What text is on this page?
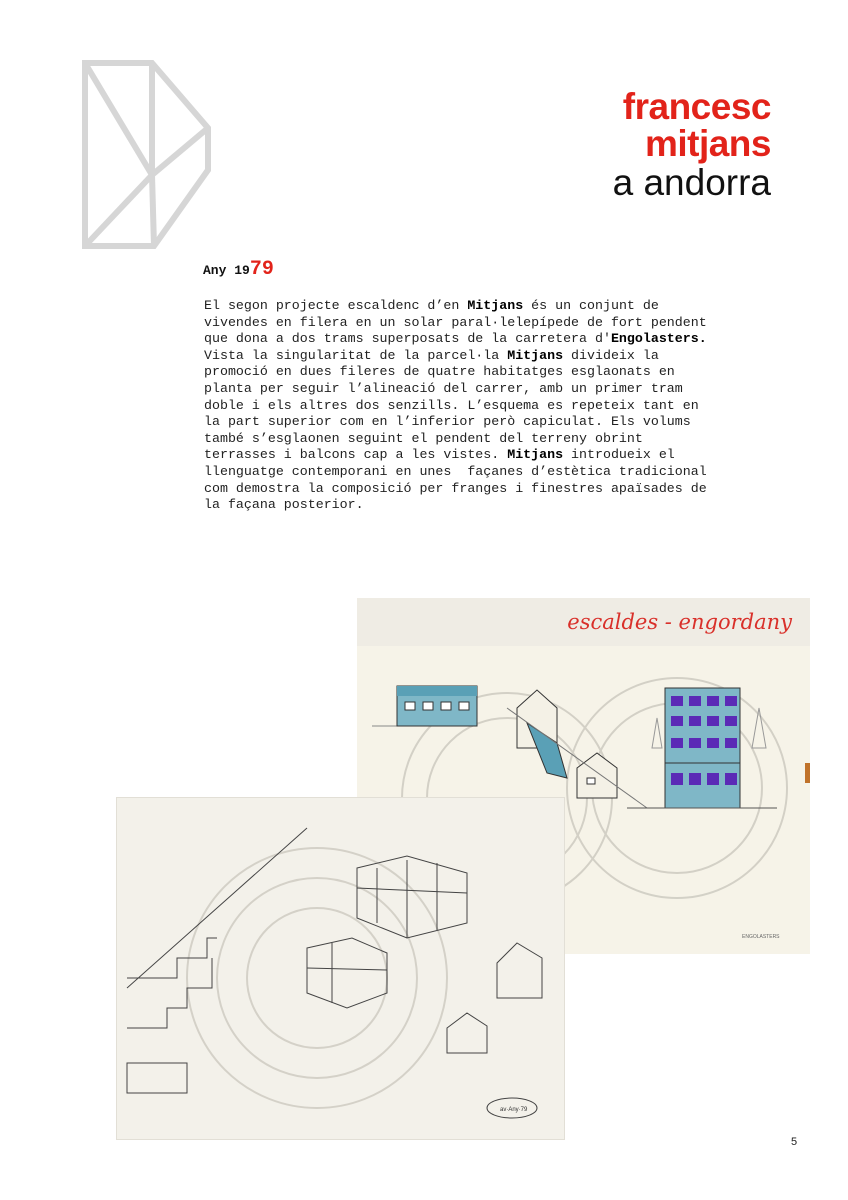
francesc
mitjans
a andorra
Any 1979
El segon projecte escaldenc d’en Mitjans és un conjunt de
vivendes en filera en un solar paral·lelepípede de fort pendent
que dona a dos trams superposats de la carretera d'Engolasters.
Vista la singularitat de la parcel·la Mitjans divideix la
promoció en dues fileres de quatre habitatges esglaonats en
planta per seguir l’alineació del carrer, amb un primer tram
doble i els altres dos senzills. L’esquema es repeteix tant en
la part superior com en l’inferior però capiculat. Els volums
també s’esglaonen seguint el pendent del terreny obrint
terrasses i balcons cap a les vistes. Mitjans introdueix el
llenguatge contemporani en unes  façanes d’estètica tradicional
com demostra la composició per franges i finestres apaïsades de
la façana posterior.
escaldes - engordany
ENGOLASTERS
av·Any·79
5
